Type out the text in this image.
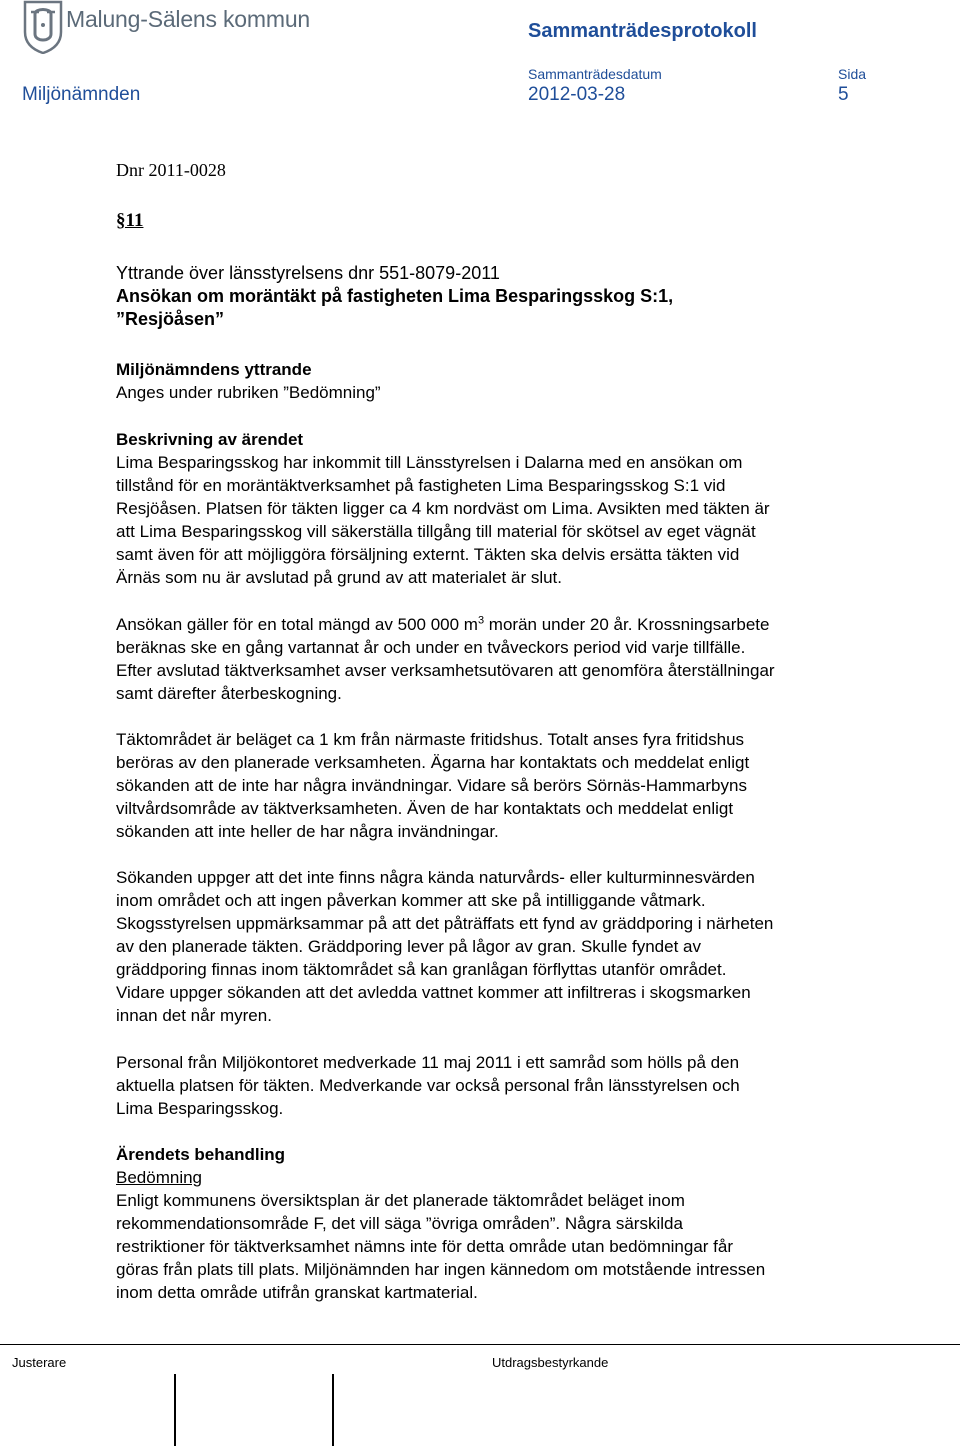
Malung-Sälens kommun	Sammanträdesprotokoll
Sammanträdesdatum	Sida
Miljönämnden	2012-03-28	5
Dnr 2011-0028
§11
Yttrande över länsstyrelsens dnr 551-8079-2011
Ansökan om moräntäkt på fastigheten Lima Besparingsskog S:1,
”Resjöåsen”
Miljönämndens yttrande
Anges under rubriken ”Bedömning”
Beskrivning av ärendet
Lima Besparingsskog har inkommit till Länsstyrelsen i Dalarna med en ansökan om
tillstånd för en moräntäktverksamhet på fastigheten Lima Besparingsskog S:1 vid
Resjöåsen. Platsen för täkten ligger ca 4 km nordväst om Lima. Avsikten med täkten är
att Lima Besparingsskog vill säkerställa tillgång till material för skötsel av eget vägnät
samt även för att möjliggöra försäljning externt. Täkten ska delvis ersätta täkten vid
Ärnäs som nu är avslutad på grund av att materialet är slut.
Ansökan gäller för en total mängd av 500 000 $m^3$ morän under 20 år. Krossningsarbete
beräknas ske en gång vartannat år och under en tvåveckors period vid varje tillfälle.
Efter avslutad täktverksamhet avser verksamhetsutövaren att genomföra återställningar
samt därefter återbeskogning.
Täktområdet är beläget ca 1 km från närmaste fritidshus. Totalt anses fyra fritidshus
beröras av den planerade verksamheten. Ägarna har kontaktats och meddelat enligt
sökanden att de inte har några invändningar. Vidare så berörs Sörnäs-Hammarbyns
viltvårdsområde av täktverksamheten. Även de har kontaktats och meddelat enligt
sökanden att inte heller de har några invändningar.
Sökanden uppger att det inte finns några kända naturvårds- eller kulturminnesvärden
inom området och att ingen påverkan kommer att ske på intilliggande våtmark.
Skogsstyrelsen uppmärksammar på att det påträffats ett fynd av gräddporing i närheten
av den planerade täkten. Gräddporing lever på lågor av gran. Skulle fyndet av
gräddporing finnas inom täktområdet så kan granlågan förflyttas utanför området.
Vidare uppger sökanden att det avledda vattnet kommer att infiltreras i skogsmarken
innan det når myren.
Personal från Miljökontoret medverkade 11 maj 2011 i ett samråd som hölls på den
aktuella platsen för täkten. Medverkande var också personal från länsstyrelsen och
Lima Besparingsskog.
Ärendets behandling
Bedömning
Enligt kommunens översiktsplan är det planerade täktområdet beläget inom
rekommendationsområde F, det vill säga ”övriga områden”. Några särskilda
restriktioner för täktverksamhet nämns inte för detta område utan bedömningar får
göras från plats till plats. Miljönämnden har ingen kännedom om motstående intressen
inom detta område utifrån granskat kartmaterial.
Justerare	Utdragsbestyrkande
